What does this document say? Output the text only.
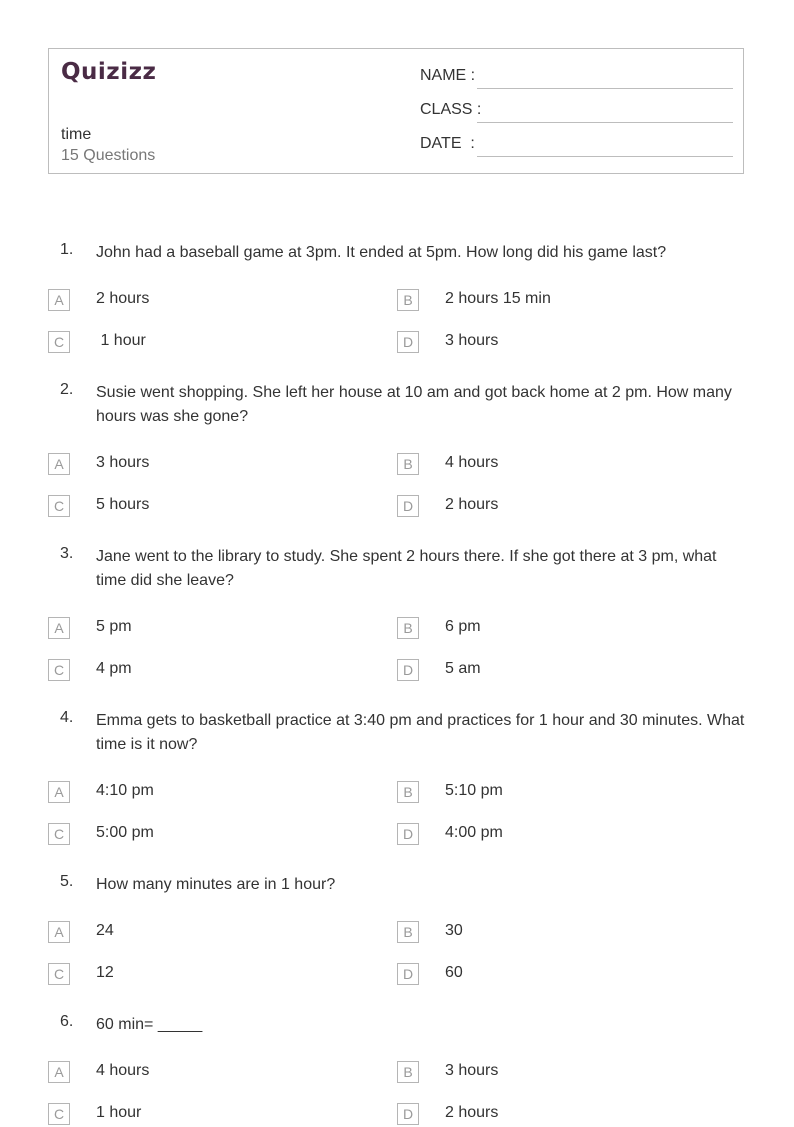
Quizizz
time
15 Questions
NAME :
CLASS :
DATE  :
1. John had a baseball game at 3pm. It ended at 5pm. How long did his game last?
A	2 hours	B	2 hours 15 min
C	1 hour	D	3 hours
2. Susie went shopping. She left her house at 10 am and got back home at 2 pm. How many hours was she gone?
A	3 hours	B	4 hours
C	5 hours	D	2 hours
3. Jane went to the library to study. She spent 2 hours there. If she got there at 3 pm, what time did she leave?
A	5 pm	B	6 pm
C	4 pm	D	5 am
4. Emma gets to basketball practice at 3:40 pm and practices for 1 hour and 30 minutes. What time is it now?
A	4:10 pm	B	5:10 pm
C	5:00 pm	D	4:00 pm
5. How many minutes are in 1 hour?
A	24	B	30
C	12	D	60
6. 60 min= _____
A	4 hours	B	3 hours
C	1 hour	D	2 hours
